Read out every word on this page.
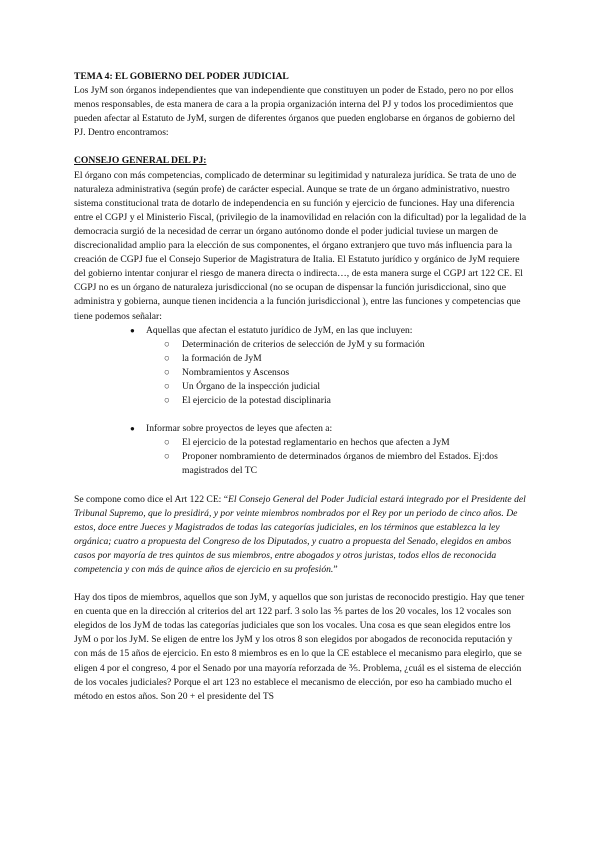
TEMA 4: EL GOBIERNO DEL PODER JUDICIAL

Los JyM son órganos independientes que van independiente que constituyen un poder de Estado, pero no por ellos menos responsables, de esta manera de cara a la propia organización interna del PJ y todos los procedimientos que pueden afectar al Estatuto de JyM, surgen de diferentes órganos que pueden englobarse en órganos de gobierno del PJ. Dentro encontramos:

CONSEJO GENERAL DEL PJ:

El órgano con más competencias, complicado de determinar su legitimidad y naturaleza jurídica. Se trata de uno de naturaleza administrativa (según profe) de carácter especial. Aunque se trate de un órgano administrativo, nuestro sistema constitucional trata de dotarlo de independencia en su función y ejercicio de funciones. Hay una diferencia entre el CGPJ y el Ministerio Fiscal, (privilegio de la inamovilidad en relación con la dificultad) por la legalidad de la democracia surgió de la necesidad de cerrar un órgano autónomo donde el poder judicial tuviese un margen de discrecionalidad amplio para la elección de sus componentes, el órgano extranjero que tuvo más influencia para la creación de CGPJ fue el Consejo Superior de Magistratura de Italia. El Estatuto jurídico y orgánico de JyM requiere del gobierno intentar conjurar el riesgo de manera directa o indirecta…, de esta manera surge el CGPJ art 122 CE. El CGPJ no es un órgano de naturaleza jurisdiccional (no se ocupan de dispensar la función jurisdiccional, sino que administra y gobierna, aunque tienen incidencia a la función jurisdiccional ), entre las funciones y competencias que tiene podemos señalar:

● Aquellas que afectan el estatuto jurídico de JyM, en las que incluyen:
○ Determinación de criterios de selección de JyM y su formación
○ la formación de JyM
○ Nombramientos y Ascensos
○ Un Órgano de la inspección judicial
○ El ejercicio de la potestad disciplinaria
● Informar sobre proyectos de leyes que afecten a:
○ El ejercicio de la potestad reglamentario en hechos que afecten a JyM
○ Proponer nombramiento de determinados órganos de miembro del Estados. Ej:dos magistrados del TC

Se compone como dice el Art 122 CE: “El Consejo General del Poder Judicial estará integrado por el Presidente del Tribunal Supremo, que lo presidirá, y por veinte miembros nombrados por el Rey por un periodo de cinco años. De estos, doce entre Jueces y Magistrados de todas las categorías judiciales, en los términos que establezca la ley orgánica; cuatro a propuesta del Congreso de los Diputados, y cuatro a propuesta del Senado, elegidos en ambos casos por mayoría de tres quintos de sus miembros, entre abogados y otros juristas, todos ellos de reconocida competencia y con más de quince años de ejercicio en su profesión.”

Hay dos tipos de miembros, aquellos que son JyM, y aquellos que son juristas de reconocido prestigio. Hay que tener en cuenta que en la dirección al criterios del art 122 parf. 3 solo las ⅗ partes de los 20 vocales, los 12 vocales son elegidos de los JyM de todas las categorías judiciales que son los vocales. Una cosa es que sean elegidos entre los JyM o por los JyM. Se eligen de entre los JyM y los otros 8 son elegidos por abogados de reconocida reputación y con más de 15 años de ejercicio. En esto 8 miembros es en lo que la CE establece el mecanismo para elegirlo, que se eligen 4 por el congreso, 4 por el Senado por una mayoría reforzada de ⅗. Problema, ¿cuál es el sistema de elección de los vocales judiciales? Porque el art 123 no establece el mecanismo de elección, por eso ha cambiado mucho el método en estos años. Son 20 + el presidente del TS
